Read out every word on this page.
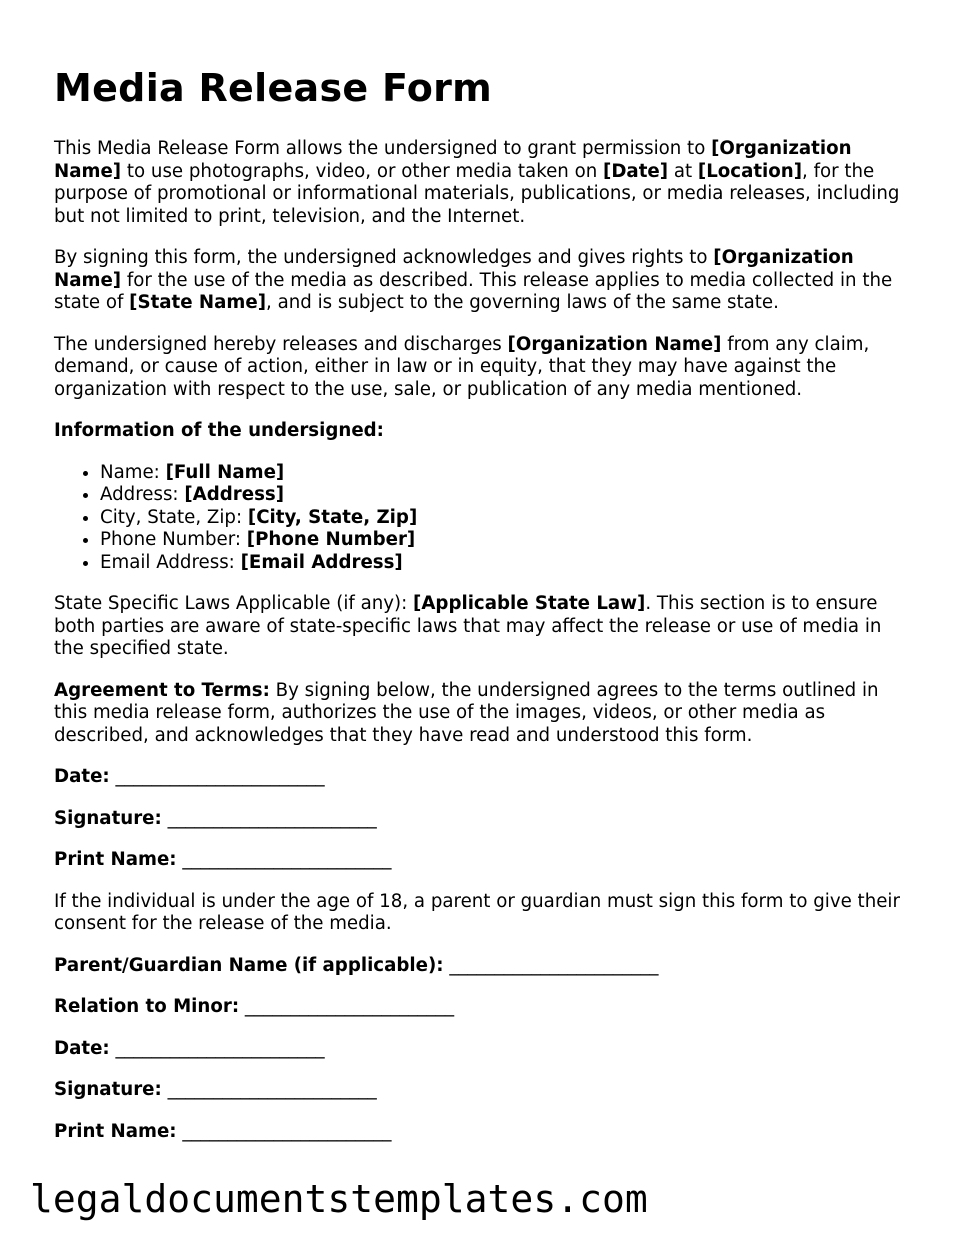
Media Release Form

This Media Release Form allows the undersigned to grant permission to [Organization Name] to use photographs, video, or other media taken on [Date] at [Location], for the purpose of promotional or informational materials, publications, or media releases, including but not limited to print, television, and the Internet.

By signing this form, the undersigned acknowledges and gives rights to [Organization Name] for the use of the media as described. This release applies to media collected in the state of [State Name], and is subject to the governing laws of the same state.

The undersigned hereby releases and discharges [Organization Name] from any claim, demand, or cause of action, either in law or in equity, that they may have against the organization with respect to the use, sale, or publication of any media mentioned.

Information of the undersigned:

• Name: [Full Name]
• Address: [Address]
• City, State, Zip: [City, State, Zip]
• Phone Number: [Phone Number]
• Email Address: [Email Address]

State Specific Laws Applicable (if any): [Applicable State Law]. This section is to ensure both parties are aware of state-specific laws that may affect the release or use of media in the specified state.

Agreement to Terms: By signing below, the undersigned agrees to the terms outlined in this media release form, authorizes the use of the images, videos, or other media as described, and acknowledges that they have read and understood this form.

Date: _______________________

Signature: _______________________

Print Name: _______________________

If the individual is under the age of 18, a parent or guardian must sign this form to give their consent for the release of the media.

Parent/Guardian Name (if applicable): _______________________

Relation to Minor: _______________________

Date: _______________________

Signature: _______________________

Print Name: _______________________

legaldocumentstemplates.com
